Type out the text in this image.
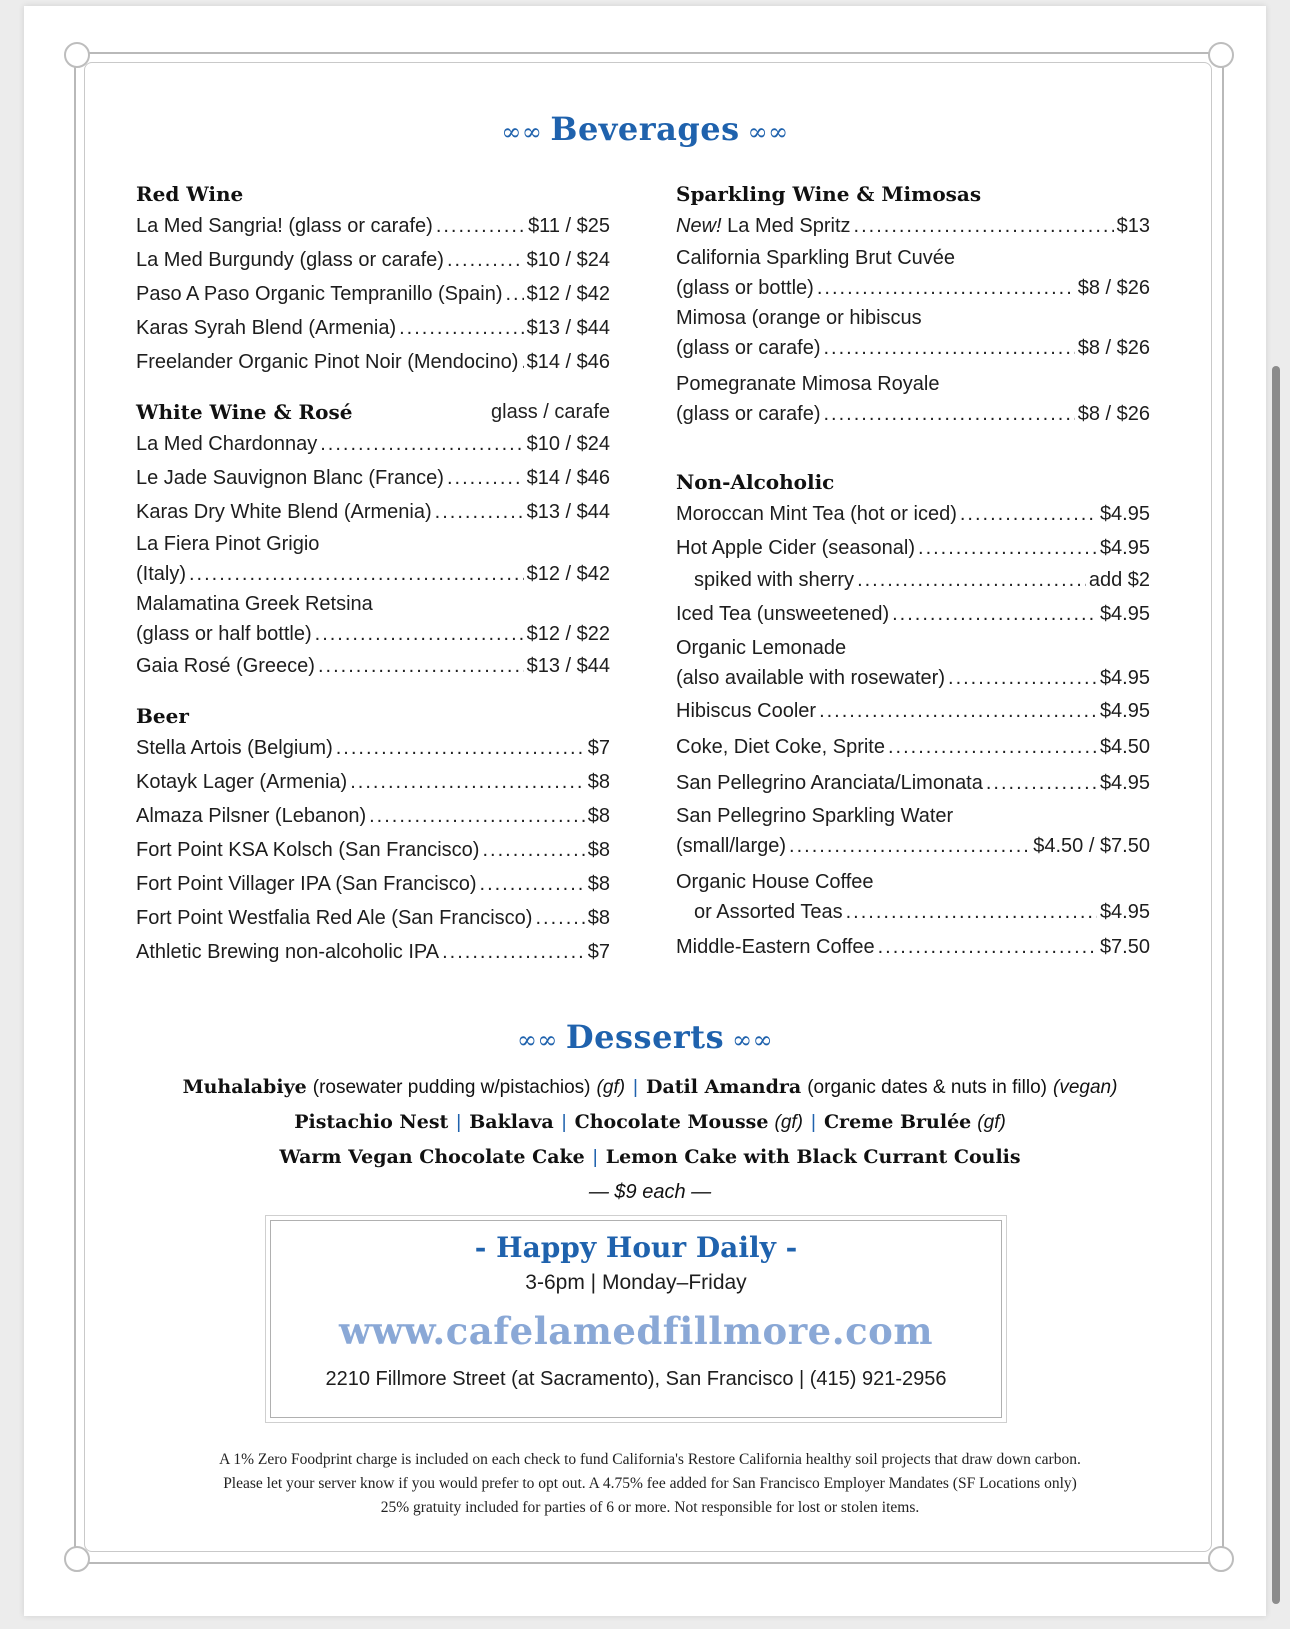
∞∞ Beverages ∞∞
Red Wine
La Med Sangria! (glass or carafe) .....	$11 / $25
La Med Burgundy (glass or carafe) .....	$10 / $24
Paso A Paso Organic Tempranillo (Spain) ..... $12 / $42
Karas Syrah Blend (Armenia) .....	$13 / $44
Freelander Organic Pinot Noir (Mendocino) ..... $14 / $46
White Wine & Rosé	glass / carafe
La Med Chardonnay .....	$10 / $24
Le Jade Sauvignon Blanc (France) .....	$14 / $46
Karas Dry White Blend (Armenia) .....	$13 / $44
La Fiera Pinot Grigio
(Italy) .....	$12 / $42
Malamatina Greek Retsina
(glass or half bottle) .....	$12 / $22
Gaia Rosé (Greece) .....	$13 / $44
Beer
Stella Artois (Belgium) .....	$7
Kotayk Lager (Armenia) .....	$8
Almaza Pilsner (Lebanon) .....	$8
Fort Point KSA Kolsch (San Francisco) .....	$8
Fort Point Villager IPA (San Francisco) .....	$8
Fort Point Westfalia Red Ale (San Francisco) .....	$8
Athletic Brewing non-alcoholic IPA .....	$7
Sparkling Wine & Mimosas
New! La Med Spritz .....	$13
California Sparkling Brut Cuvée
(glass or bottle) .....	$8 / $26
Mimosa (orange or hibiscus
(glass or carafe) .....	$8 / $26
Pomegranate Mimosa Royale
(glass or carafe) .....	$8 / $26
Non-Alcoholic
Moroccan Mint Tea (hot or iced) .....	$4.95
Hot Apple Cider (seasonal) .....	$4.95
spiked with sherry .....	add $2
Iced Tea (unsweetened) .....	$4.95
Organic Lemonade
(also available with rosewater) .....	$4.95
Hibiscus Cooler .....	$4.95
Coke, Diet Coke, Sprite .....	$4.50
San Pellegrino Aranciata/Limonata .....	$4.95
San Pellegrino Sparkling Water
(small/large) .....	$4.50 / $7.50
Organic House Coffee
or Assorted Teas .....	$4.95
Middle-Eastern Coffee .....	$7.50
∞∞ Desserts ∞∞
Muhalabiye (rosewater pudding w/pistachios) (gf) | Datil Amandra (organic dates & nuts in fillo) (vegan)
Pistachio Nest | Baklava | Chocolate Mousse (gf) | Creme Brulée (gf)
Warm Vegan Chocolate Cake | Lemon Cake with Black Currant Coulis
— $9 each —
- Happy Hour Daily -
3-6pm | Monday–Friday
www.cafelamedfillmore.com
2210 Fillmore Street (at Sacramento), San Francisco | (415) 921-2956
A 1% Zero Foodprint charge is included on each check to fund California's Restore California healthy soil projects that draw down carbon.
Please let your server know if you would prefer to opt out. A 4.75% fee added for San Francisco Employer Mandates (SF Locations only)
25% gratuity included for parties of 6 or more. Not responsible for lost or stolen items.
